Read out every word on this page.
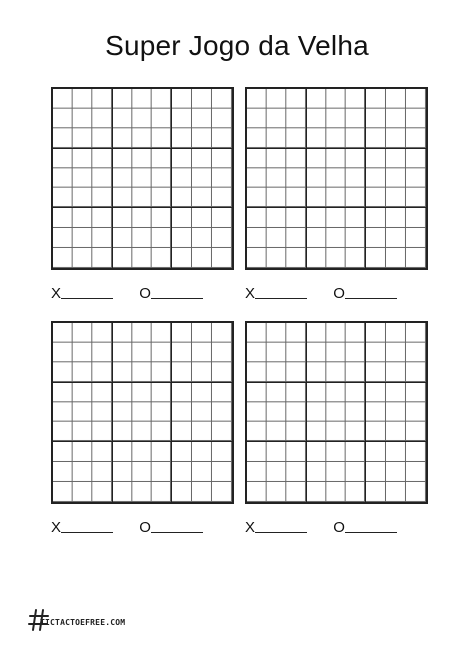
Super Jogo da Velha
X	O	X	O
X	O	X	O
TICTACTOEFREE.COM
